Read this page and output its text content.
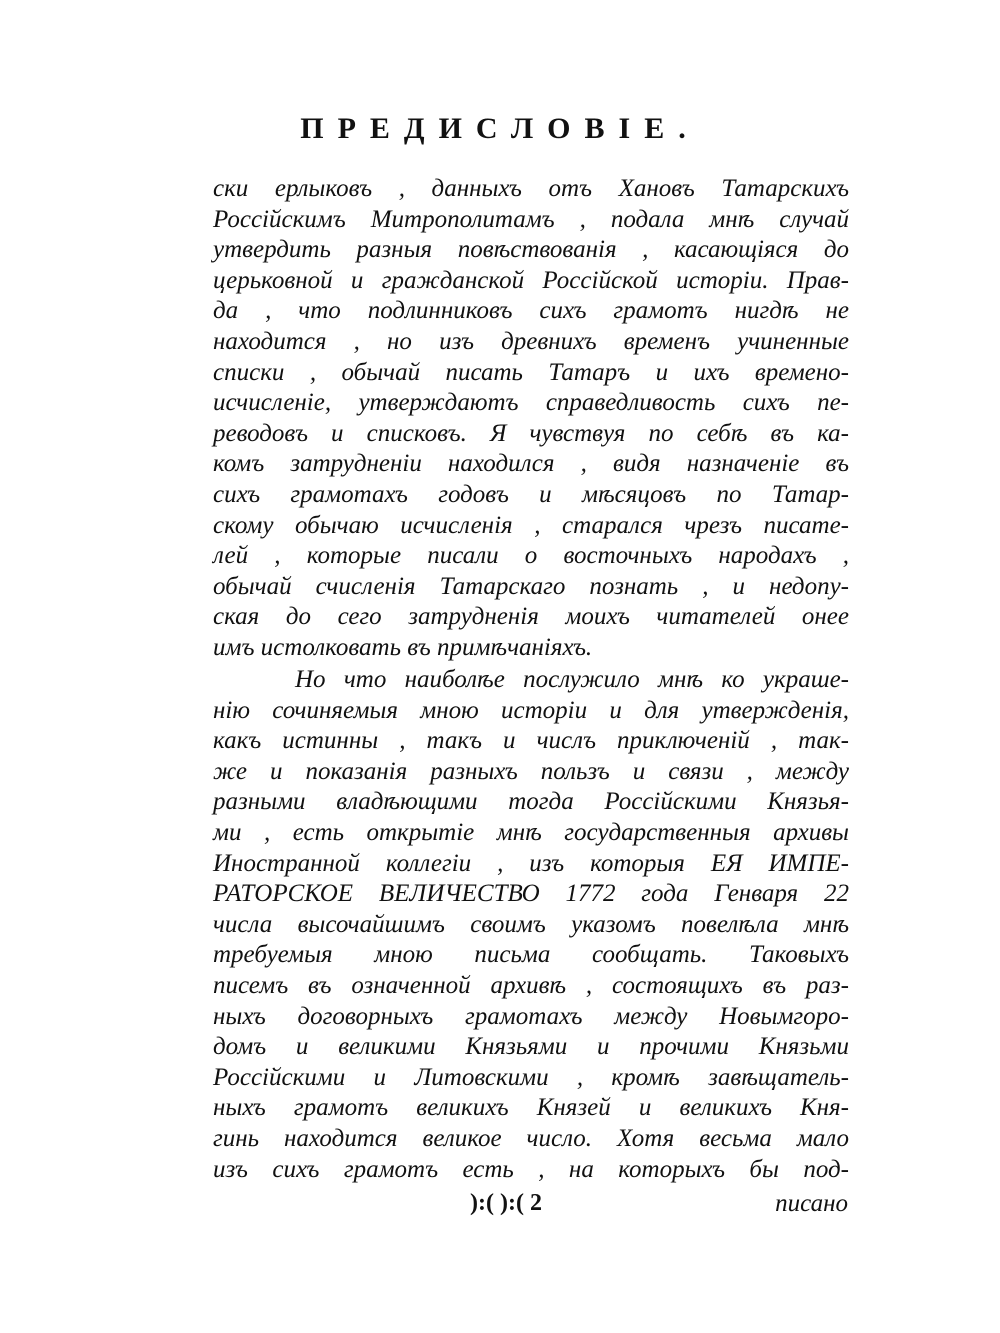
ПРЕДИСЛОВІЕ.
ски ерлыковъ , данныхъ отъ Хановъ Татарскихъ
Россійскимъ Митрополитамъ , подала мнѣ случай
утвердить разныя повѣствованія , касающіяся до
церьковной и гражданской Россійской исторіи. Прав-
да , что подлинниковъ сихъ грамотъ нигдѣ не
находится , но изъ древнихъ временъ учиненные
списки , обычай писать Татаръ и ихъ времено-
исчисленіе, утверждаютъ справедливость сихъ пе-
реводовъ и списковъ. Я чувствуя по себѣ въ ка-
комъ затрудненіи находился , видя назначеніе въ
сихъ грамотахъ годовъ и мѣсяцовъ по Татар-
скому обычаю исчисленія , старался чрезъ писате-
лей , которые писали о восточныхъ народахъ ,
обычай счисленія Татарскаго познать , и недопу-
ская до сего затрудненія моихъ читателей онее
имъ истолковать въ примѣчаніяхъ.
Но что наиболѣе послужило мнѣ ко украше-
нію сочиняемыя мною исторіи и для утвержденія,
какъ истинны , такъ и числъ приключеній , так-
же и показанія разныхъ пользъ и связи , между
разными владѣющими тогда Россійскими Князья-
ми , есть открытіе мнѣ государственныя архивы
Иностранной коллегіи , изъ которыя ЕЯ ИМПЕ-
РАТОРСКОЕ ВЕЛИЧЕСТВО 1772 года Генваря 22
числа высочайшимъ своимъ указомъ повелѣла мнѣ
требуемыя мною письма сообщать. Таковыхъ
писемъ въ означенной архивѣ , состоящихъ въ раз-
ныхъ договорныхъ грамотахъ между Новымгоро-
домъ и великими Князьями и прочими Князьми
Россійскими и Литовскими , кромѣ завѣщатель-
ныхъ грамотъ великихъ Князей и великихъ Кня-
гинь находится великое число. Хотя весьма мало
изъ сихъ грамотъ есть , на которыхъ бы под-
):( ):( 2	писано
